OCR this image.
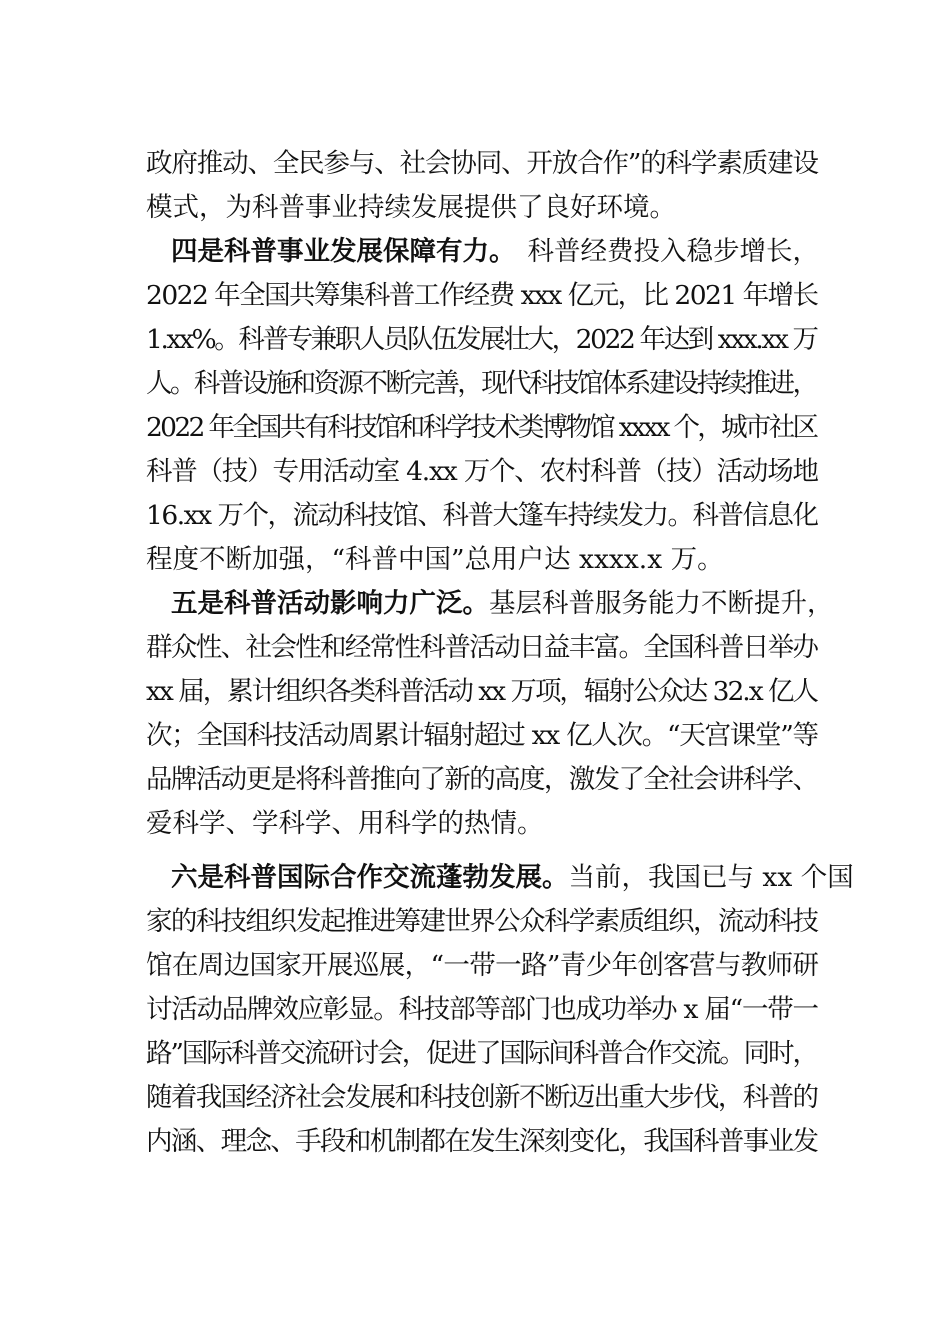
政府推动、全民参与、社会协同、开放合作”的科学素质建设
模式，为科普事业持续发展提供了良好环境。
四是科普事业发展保障有力。 科普经费投入稳步增长，
2022 年全国共筹集科普工作经费 xxx 亿元，比 2021 年增长
1.xx%。科普专兼职人员队伍发展壮大，2022 年达到 xxx.xx 万
人。科普设施和资源不断完善，现代科技馆体系建设持续推进，
2022 年全国共有科技馆和科学技术类博物馆 xxxx 个，城市社区
科普（技）专用活动室 4.xx 万个、农村科普（技）活动场地
16.xx 万个，流动科技馆、科普大篷车持续发力。科普信息化
程度不断加强，“科普中国”总用户达 xxxx.x 万。
五是科普活动影响力广泛。 基层科普服务能力不断提升，
群众性、社会性和经常性科普活动日益丰富。全国科普日举办
xx 届，累计组织各类科普活动 xx 万项，辐射公众达 32.x 亿人
次；全国科技活动周累计辐射超过 xx 亿人次。“天宫课堂”等
品牌活动更是将科普推向了新的高度，激发了全社会讲科学、
爱科学、学科学、用科学的热情。
六是科普国际合作交流蓬勃发展。 当前，我国已与 xx 个国
家的科技组织发起推进筹建世界公众科学素质组织，流动科技
馆在周边国家开展巡展，“一带一路”青少年创客营与教师研
讨活动品牌效应彰显。科技部等部门也成功举办 x 届“一带一
路”国际科普交流研讨会，促进了国际间科普合作交流。同时，
随着我国经济社会发展和科技创新不断迈出重大步伐，科普的
内涵、理念、手段和机制都在发生深刻变化，我国科普事业发
